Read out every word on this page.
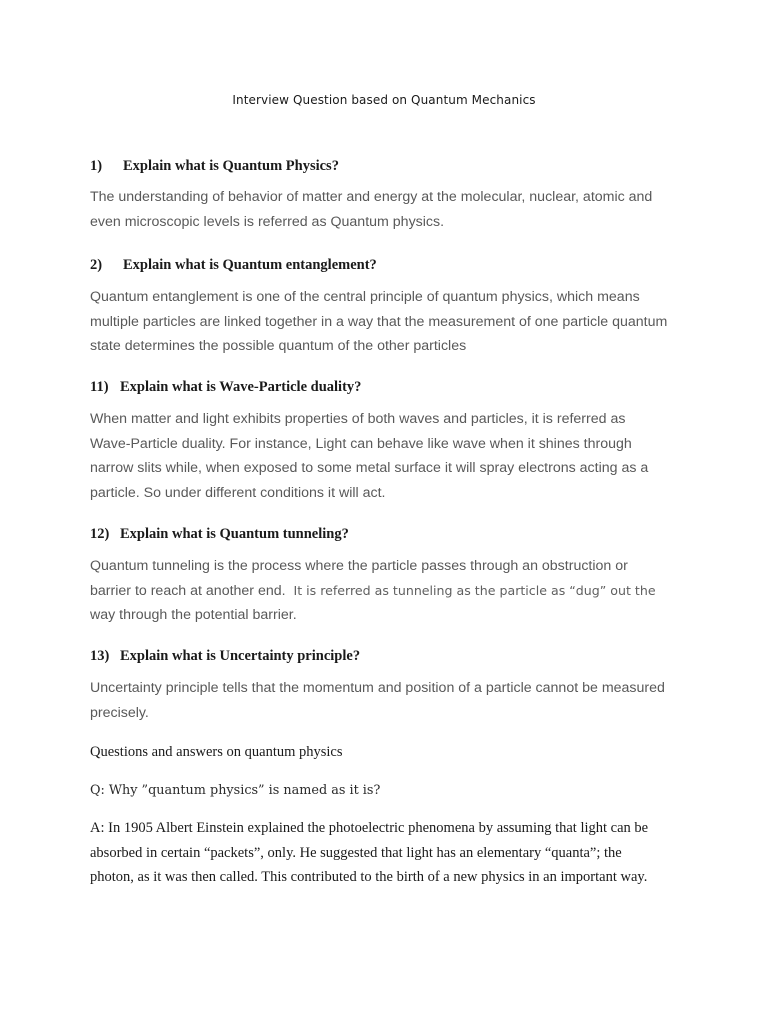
Interview Question based on Quantum Mechanics
1) Explain what is Quantum Physics?
The understanding of behavior of matter and energy at the molecular, nuclear, atomic and
even microscopic levels is referred as Quantum physics.
2) Explain what is Quantum entanglement?
Quantum entanglement is one of the central principle of quantum physics, which means
multiple particles are linked together in a way that the measurement of one particle quantum
state determines the possible quantum of the other particles
11) Explain what is Wave-Particle duality?
When matter and light exhibits properties of both waves and particles, it is referred as
Wave-Particle duality. For instance, Light can behave like wave when it shines through
narrow slits while, when exposed to some metal surface it will spray electrons acting as a
particle. So under different conditions it will act.
12) Explain what is Quantum tunneling?
Quantum tunneling is the process where the particle passes through an obstruction or
barrier to reach at another end. It is referred as tunneling as the particle as “dug” out the
way through the potential barrier.
13) Explain what is Uncertainty principle?
Uncertainty principle tells that the momentum and position of a particle cannot be measured
precisely.
Questions and answers on quantum physics
Q: Why ”quantum physics” is named as it is?
A: In 1905 Albert Einstein explained the photoelectric phenomena by assuming that light can be
absorbed in certain “packets”, only. He suggested that light has an elementary “quanta”; the
photon, as it was then called. This contributed to the birth of a new physics in an important way.
